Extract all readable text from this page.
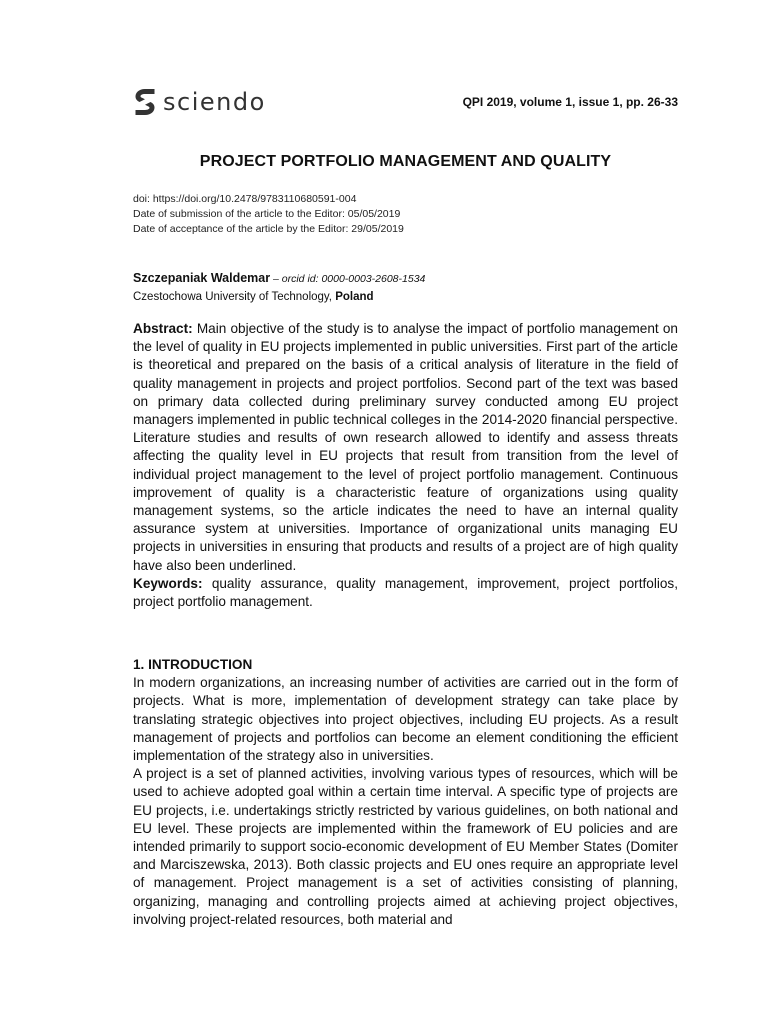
sciendo	QPI 2019, volume 1, issue 1, pp. 26-33
PROJECT PORTFOLIO MANAGEMENT AND QUALITY
doi: https://doi.org/10.2478/9783110680591-004
Date of submission of the article to the Editor: 05/05/2019
Date of acceptance of the article by the Editor: 29/05/2019
Szczepaniak Waldemar – orcid id: 0000-0003-2608-1534
Czestochowa University of Technology, Poland

Abstract: Main objective of the study is to analyse the impact of portfolio management on the level of quality in EU projects implemented in public universities. First part of the article is theoretical and prepared on the basis of a critical analysis of literature in the field of quality management in projects and project portfolios. Second part of the text was based on primary data collected during preliminary survey conducted among EU project managers implemented in public technical colleges in the 2014-2020 financial perspective. Literature studies and results of own research allowed to identify and assess threats affecting the quality level in EU projects that result from transition from the level of individual project management to the level of project portfolio management. Continuous improvement of quality is a characteristic feature of organizations using quality management systems, so the article indicates the need to have an internal quality assurance system at universities. Importance of organizational units managing EU projects in universities in ensuring that products and results of a project are of high quality have also been underlined.

Keywords: quality assurance, quality management, improvement, project portfolios, project portfolio management.

1. INTRODUCTION

In modern organizations, an increasing number of activities are carried out in the form of projects. What is more, implementation of development strategy can take place by translating strategic objectives into project objectives, including EU projects. As a result management of projects and portfolios can become an element conditioning the efficient implementation of the strategy also in universities.

A project is a set of planned activities, involving various types of resources, which will be used to achieve adopted goal within a certain time interval. A specific type of projects are EU projects, i.e. undertakings strictly restricted by various guidelines, on both national and EU level. These projects are implemented within the framework of EU policies and are intended primarily to support socio-economic development of EU Member States (Domiter and Marciszewska, 2013). Both classic projects and EU ones require an appropriate level of management. Project management is a set of activities consisting of planning, organizing, managing and controlling projects aimed at achieving project objectives, involving project-related resources, both material and
